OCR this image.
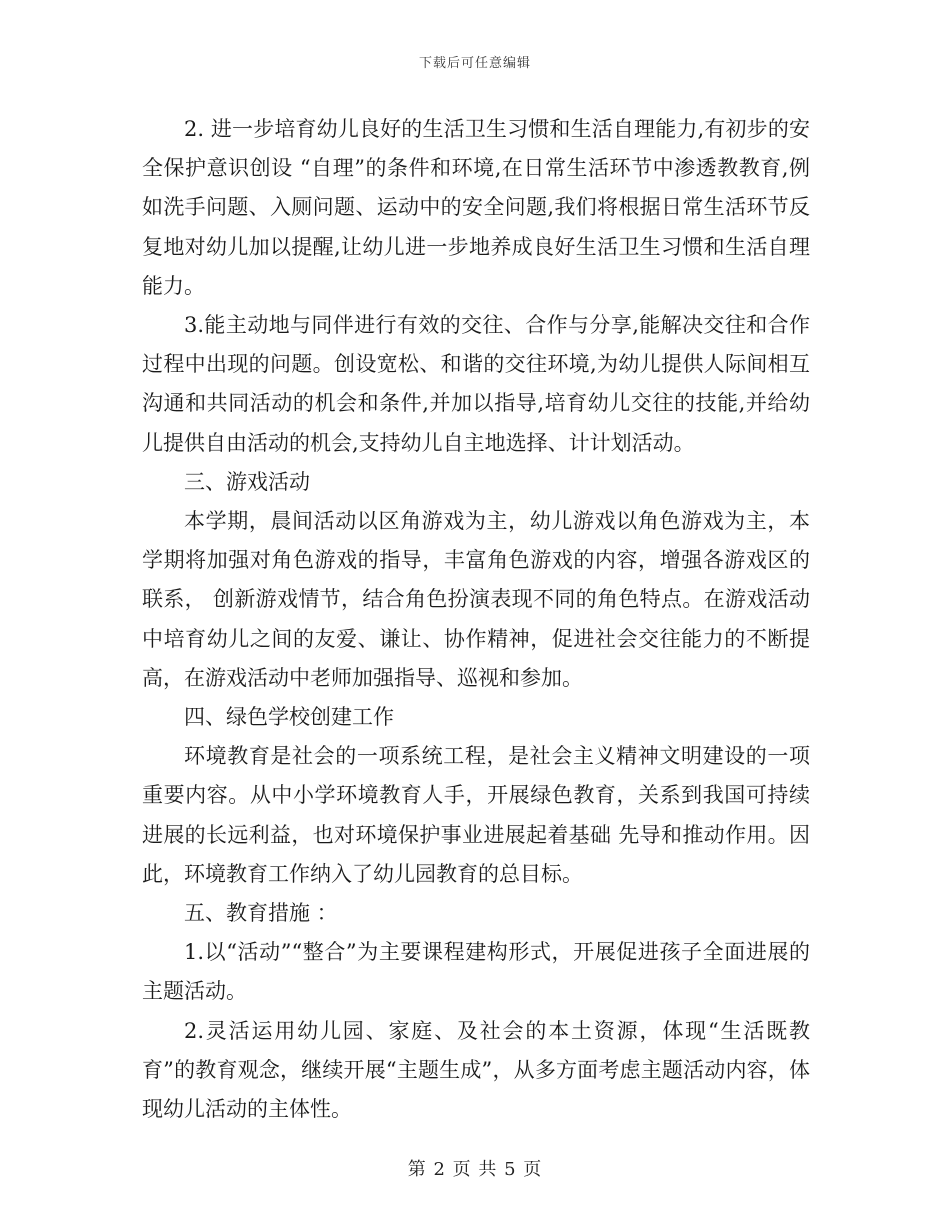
下载后可任意编辑

2. 进一步培育幼儿良好的生活卫生习惯和生活自理能力,有初步的安全保护意识创设 “自理”的条件和环境,在日常生活环节中渗透教教育,例如洗手问题、入厕问题、运动中的安全问题,我们将根据日常生活环节反复地对幼儿加以提醒,让幼儿进一步地养成良好生活卫生习惯和生活自理能力。

3.能主动地与同伴进行有效的交往、合作与分享,能解决交往和合作过程中出现的问题。创设宽松、和谐的交往环境,为幼儿提供人际间相互沟通和共同活动的机会和条件,并加以指导,培育幼儿交往的技能,并给幼儿提供自由活动的机会,支持幼儿自主地选择、计计划活动。

三、游戏活动

本学期，晨间活动以区角游戏为主，幼儿游戏以角色游戏为主，本学期将加强对角色游戏的指导，丰富角色游戏的内容，增强各游戏区的联系， 创新游戏情节，结合角色扮演表现不同的角色特点。在游戏活动中培育幼儿之间的友爱、谦让、协作精神，促进社会交往能力的不断提高，在游戏活动中老师加强指导、巡视和参加。

四、绿色学校创建工作

环境教育是社会的一项系统工程，是社会主义精神文明建设的一项重要内容。从中小学环境教育人手，开展绿色教育，关系到我国可持续进展的长远利益，也对环境保护事业进展起着基础 先导和推动作用。因此，环境教育工作纳入了幼儿园教育的总目标。

五、教育措施 ：

1.以“活动”“整合”为主要课程建构形式，开展促进孩子全面进展的主题活动。

2.灵活运用幼儿园、家庭、及社会的本土资源，体现“生活既教育”的教育观念，继续开展“主题生成”，从多方面考虑主题活动内容，体现幼儿活动的主体性。

第 2 页 共 5 页
